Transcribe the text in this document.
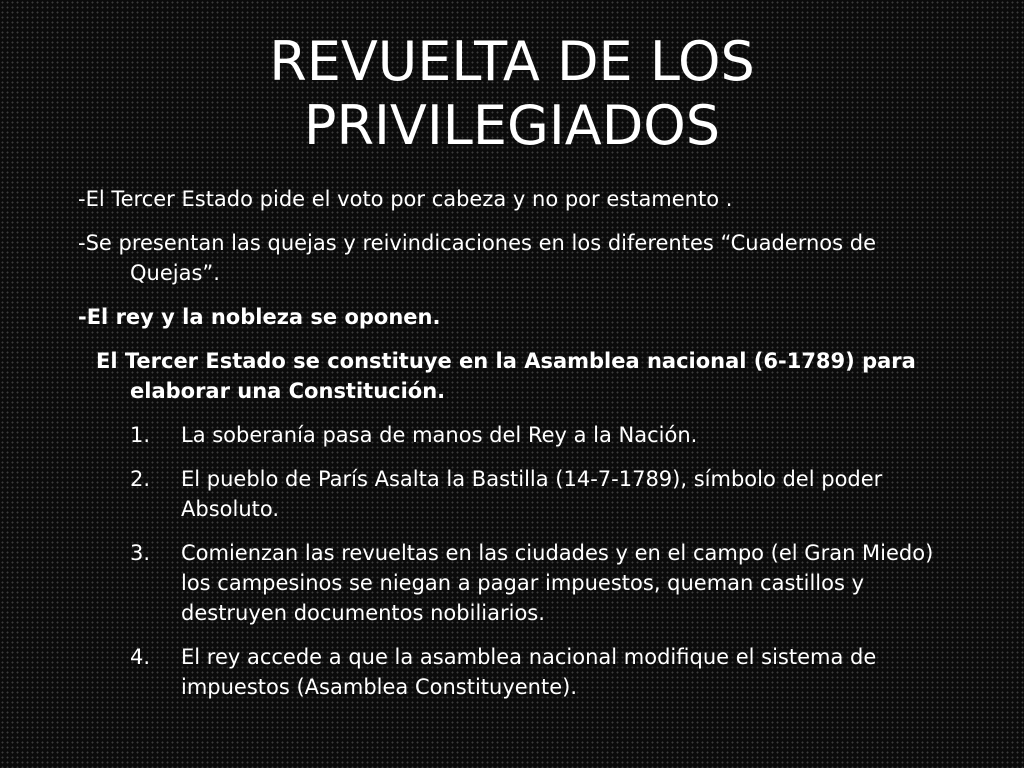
REVUELTA DE LOS
PRIVILEGIADOS

-El Tercer Estado pide el voto por cabeza y no por estamento .

-Se presentan las quejas y reivindicaciones en los diferentes “Cuadernos de Quejas”.

-El rey y la nobleza se oponen.

El Tercer Estado se constituye en la Asamblea nacional (6-1789) para elaborar una Constitución.

1. La soberanía pasa de manos del Rey a la Nación.
2. El pueblo de París Asalta la Bastilla (14-7-1789), símbolo del poder Absoluto.
3. Comienzan las revueltas en las ciudades y en el campo (el Gran Miedo) los campesinos se niegan a pagar impuestos, queman castillos y destruyen documentos nobiliarios.
4. El rey accede a que la asamblea nacional modifique el sistema de impuestos (Asamblea Constituyente).
